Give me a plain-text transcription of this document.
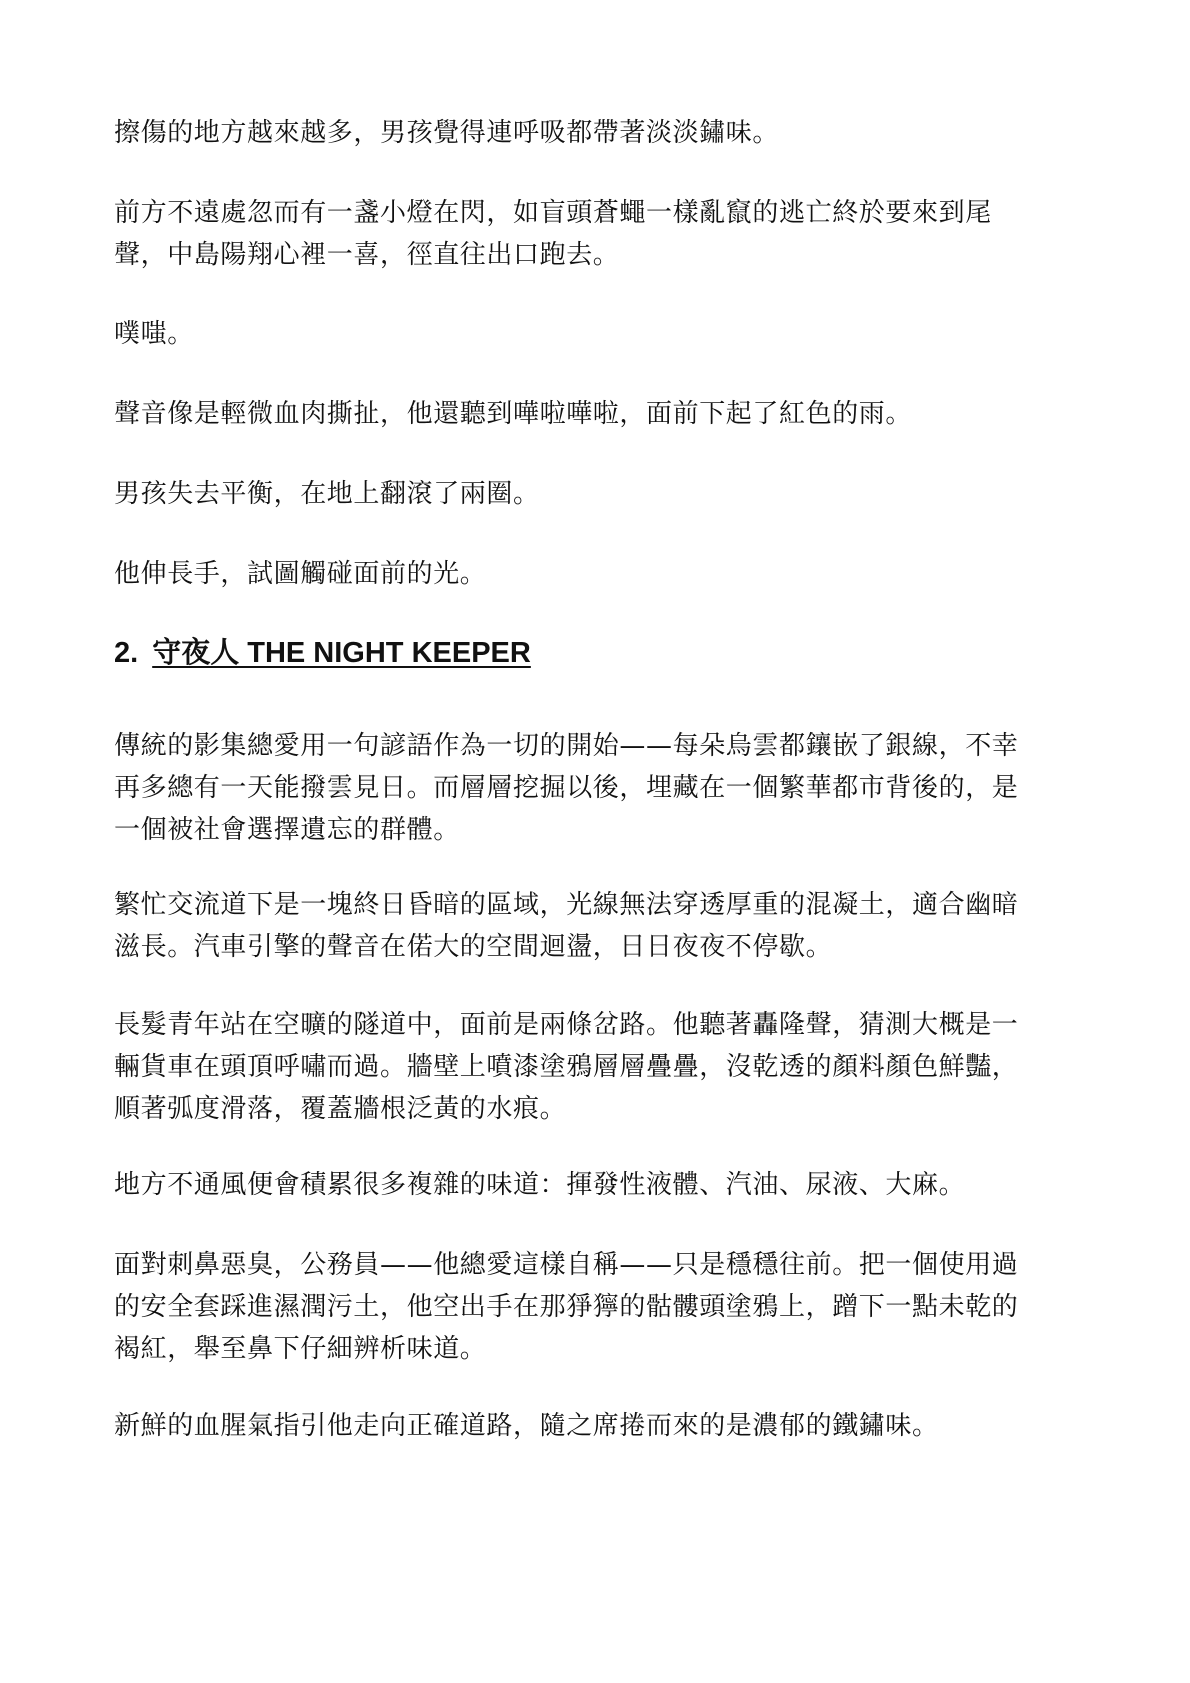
擦傷的地方越來越多，男孩覺得連呼吸都帶著淡淡鏽味。

前方不遠處忽而有一盞小燈在閃，如盲頭蒼蠅一樣亂竄的逃亡終於要來到尾
聲，中島陽翔心裡一喜，徑直往出口跑去。

噗嗤。

聲音像是輕微血肉撕扯，他還聽到嘩啦嘩啦，面前下起了紅色的雨。

男孩失去平衡，在地上翻滾了兩圈。

他伸長手，試圖觸碰面前的光。

2. 守夜人 THE NIGHT KEEPER

傳統的影集總愛用一句諺語作為一切的開始——每朵烏雲都鑲嵌了銀線，不幸
再多總有一天能撥雲見日。而層層挖掘以後，埋藏在一個繁華都市背後的，是
一個被社會選擇遺忘的群體。

繁忙交流道下是一塊終日昏暗的區域，光線無法穿透厚重的混凝土，適合幽暗
滋長。汽車引擎的聲音在偌大的空間迴盪，日日夜夜不停歇。

長髮青年站在空曠的隧道中，面前是兩條岔路。他聽著轟隆聲，猜測大概是一
輛貨車在頭頂呼嘯而過。牆壁上噴漆塗鴉層層疊疊，沒乾透的顏料顏色鮮豔，
順著弧度滑落，覆蓋牆根泛黃的水痕。

地方不通風便會積累很多複雜的味道：揮發性液體、汽油、尿液、大麻。

面對刺鼻惡臭，公務員——他總愛這樣自稱——只是穩穩往前。把一個使用過
的安全套踩進濕潤污土，他空出手在那猙獰的骷髏頭塗鴉上，蹭下一點未乾的
褐紅，舉至鼻下仔細辨析味道。

新鮮的血腥氣指引他走向正確道路，隨之席捲而來的是濃郁的鐵鏽味。
